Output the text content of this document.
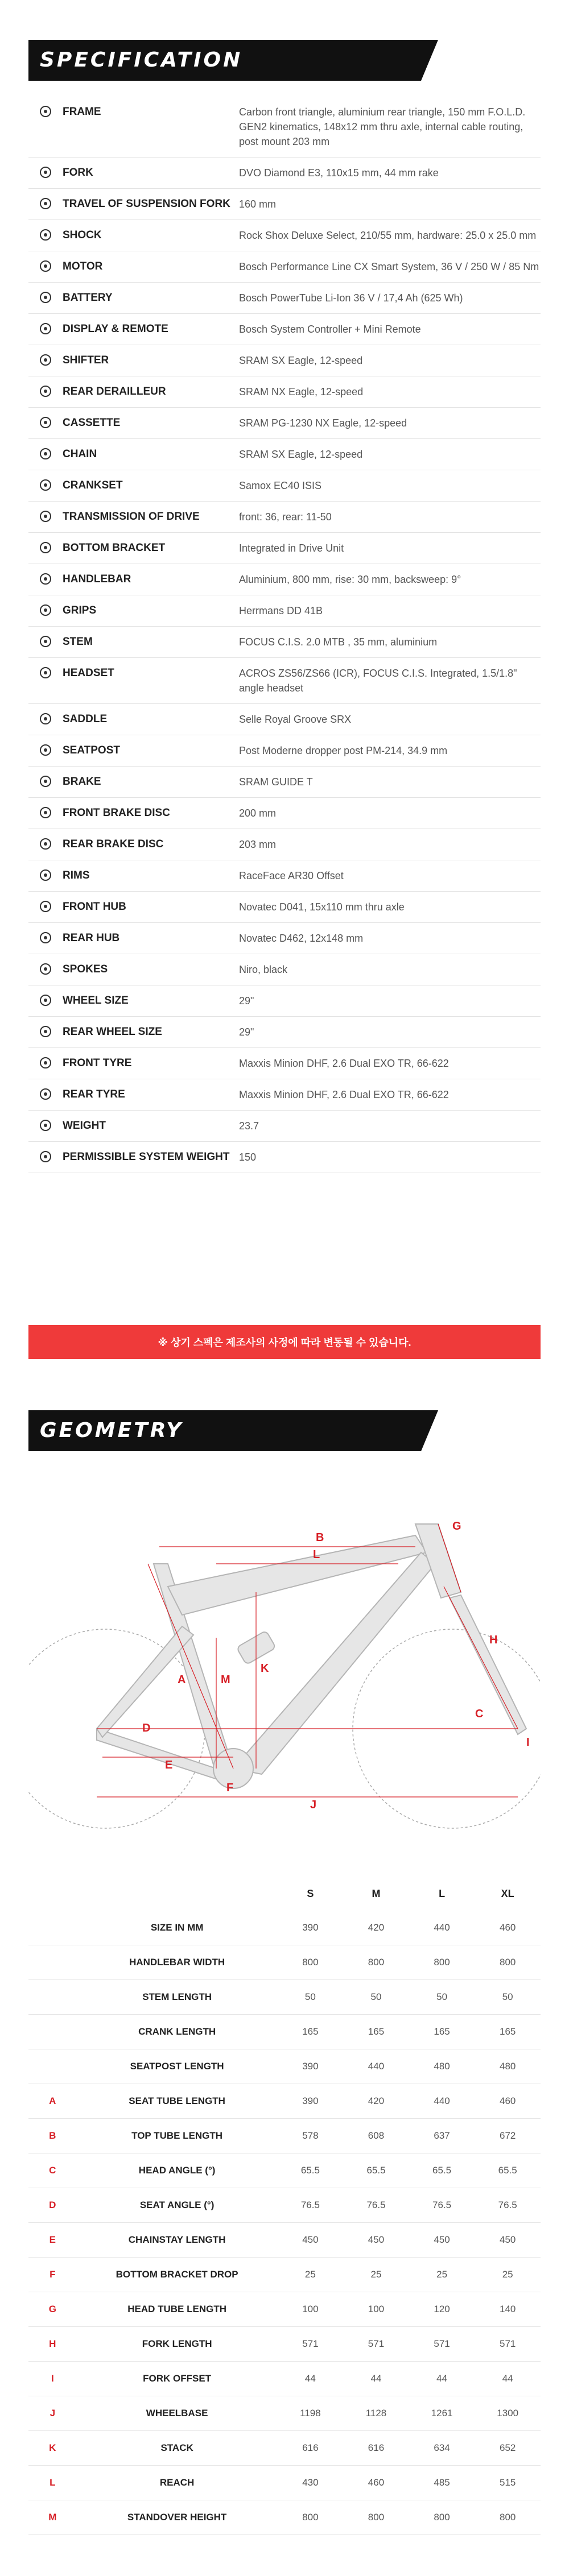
SPECIFICATION
FRAME	Carbon front triangle, aluminium rear triangle, 150 mm F.O.L.D. GEN2 kinematics, 148x12 mm thru axle, internal cable routing, post mount 203 mm
FORK	DVO Diamond E3, 110x15 mm, 44 mm rake
TRAVEL OF SUSPENSION FORK 160 mm
SHOCK	Rock Shox Deluxe Select, 210/55 mm, hardware: 25.0 x 25.0 mm
MOTOR	Bosch Performance Line CX Smart System, 36 V / 250 W / 85 Nm
BATTERY	Bosch PowerTube Li-Ion 36 V / 17,4 Ah (625 Wh)
DISPLAY & REMOTE	Bosch System Controller + Mini Remote
SHIFTER	SRAM SX Eagle, 12-speed
REAR DERAILLEUR	SRAM NX Eagle, 12-speed
CASSETTE	SRAM PG-1230 NX Eagle, 12-speed
CHAIN	SRAM SX Eagle, 12-speed
CRANKSET	Samox EC40 ISIS
TRANSMISSION OF DRIVE	front: 36, rear: 11-50
BOTTOM BRACKET	Integrated in Drive Unit
HANDLEBAR	Aluminium, 800 mm, rise: 30 mm, backsweep: 9°
GRIPS	Herrmans DD 41B
STEM	FOCUS C.I.S. 2.0 MTB , 35 mm, aluminium
HEADSET	ACROS ZS56/ZS66 (ICR), FOCUS C.I.S. Integrated, 1.5/1.8" angle headset
SADDLE	Selle Royal Groove SRX
SEATPOST	Post Moderne dropper post PM-214, 34.9 mm
BRAKE	SRAM GUIDE T
FRONT BRAKE DISC	200 mm
REAR BRAKE DISC	203 mm
RIMS	RaceFace AR30 Offset
FRONT HUB	Novatec D041, 15x110 mm thru axle
REAR HUB	Novatec D462, 12x148 mm
SPOKES	Niro, black
WHEEL SIZE	29"
REAR WHEEL SIZE	29"
FRONT TYRE	Maxxis Minion DHF, 2.6 Dual EXO TR, 66-622
REAR TYRE	Maxxis Minion DHF, 2.6 Dual EXO TR, 66-622
WEIGHT	23.7
PERMISSIBLE SYSTEM WEIGHT 150
※ 상기 스펙은 제조사의 사정에 따라 변동될 수 있습니다.
GEOMETRY
A
B
C
D
E
F
G
H
I
J
K
L
M
		S	M	L	XL
	SIZE IN MM	390	420	440	460
	HANDLEBAR WIDTH	800	800	800	800
	STEM LENGTH	50	50	50	50
	CRANK LENGTH	165	165	165	165
	SEATPOST LENGTH	390	440	480	480
A	SEAT TUBE LENGTH	390	420	440	460
B	TOP TUBE LENGTH	578	608	637	672
C	HEAD ANGLE (°)	65.5	65.5	65.5	65.5
D	SEAT ANGLE (°)	76.5	76.5	76.5	76.5
E	CHAINSTAY LENGTH	450	450	450	450
F	BOTTOM BRACKET DROP	25	25	25	25
G	HEAD TUBE LENGTH	100	100	120	140
H	FORK LENGTH	571	571	571	571
I	FORK OFFSET	44	44	44	44
J	WHEELBASE	1198	1128	1261	1300
K	STACK	616	616	634	652
L	REACH	430	460	485	515
M	STANDOVER HEIGHT	800	800	800	800
